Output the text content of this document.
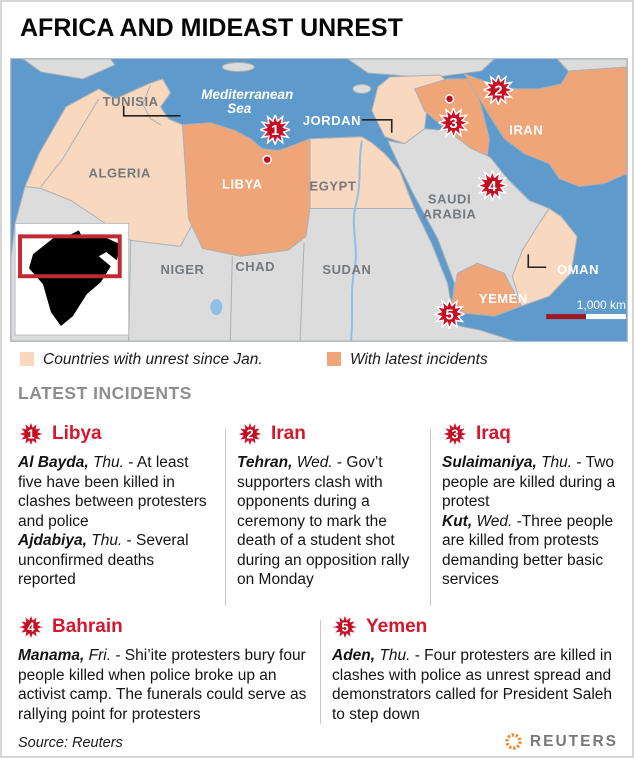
AFRICA AND MIDEAST UNREST
Mediterranean
Sea
TUNISIA
ALGERIA
LIBYA	EGYPT
JORDAN
IRAN
NIGER CHAD	SUDAN
SAUDI
ARABIA
YEMEN
OMAN
1,000 km
1
2
3
4
5
Countries with unrest since Jan.	With latest incidents
LATEST INCIDENTS
1 Libya
Al Bayda, Thu. - At least five have been killed in clashes between protesters and police
Ajdabiya, Thu. - Several unconfirmed deaths reported
2 Iran
Tehran, Wed. - Gov’t supporters clash with opponents during a ceremony to mark the death of a student shot during an opposition rally on Monday
3 Iraq
Sulaimaniya, Thu. - Two people are killed during a protest
Kut, Wed. -Three people are killed from protests demanding better basic services
4 Bahrain
Manama, Fri. - Shi’ite protesters bury four people killed when police broke up an activist camp. The funerals could serve as rallying point for protesters
5 Yemen
Aden, Thu. - Four protesters are killed in clashes with police as unrest spread and demonstrators called for President Saleh to step down
Source: Reuters	REUTERS
